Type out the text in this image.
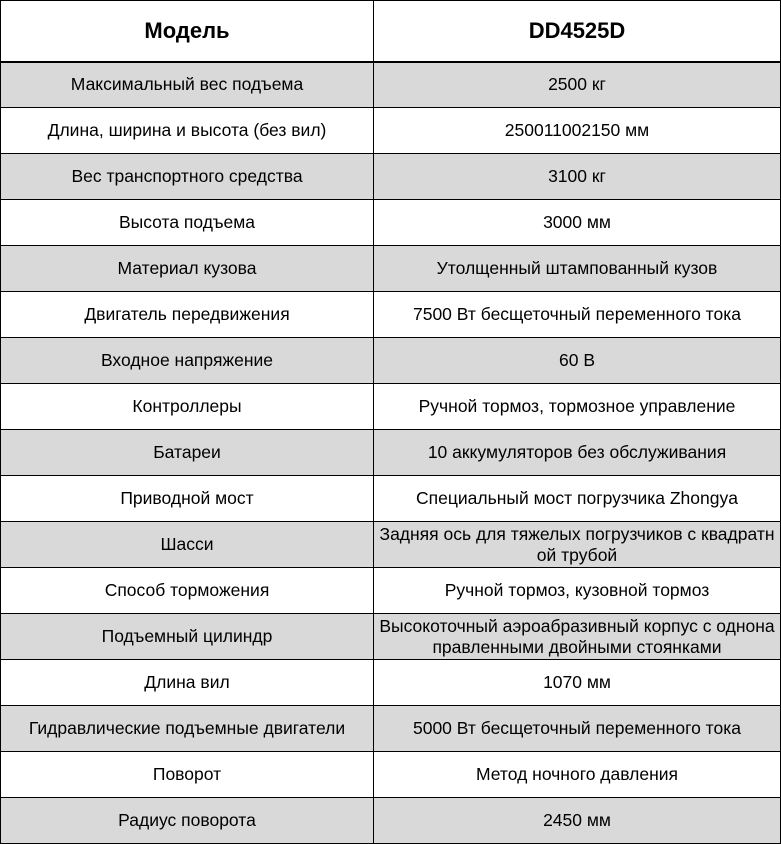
Модель	DD4525D
Максимальный вес подъема	2500 кг
Длина, ширина и высота (без вил)	250011002150 мм
Вес транспортного средства	3100 кг
Высота подъема	3000 мм
Материал кузова	Утолщенный штампованный кузов
Двигатель передвижения	7500 Вт бесщеточный переменного тока
Входное напряжение	60 В
Контроллеры	Ручной тормоз, тормозное управление
Батареи	10 аккумуляторов без обслуживания
Приводной мост	Специальный мост погрузчика Zhongya
Шасси	Задняя ось для тяжелых погрузчиков с квадратной трубой
Способ торможения	Ручной тормоз, кузовной тормоз
Подъемный цилиндр	Высокоточный аэроабразивный корпус с однонаправленными двойными стоянками
Длина вил	1070 мм
Гидравлические подъемные двигатели	5000 Вт бесщеточный переменного тока
Поворот	Метод ночного давления
Радиус поворота	2450 мм
